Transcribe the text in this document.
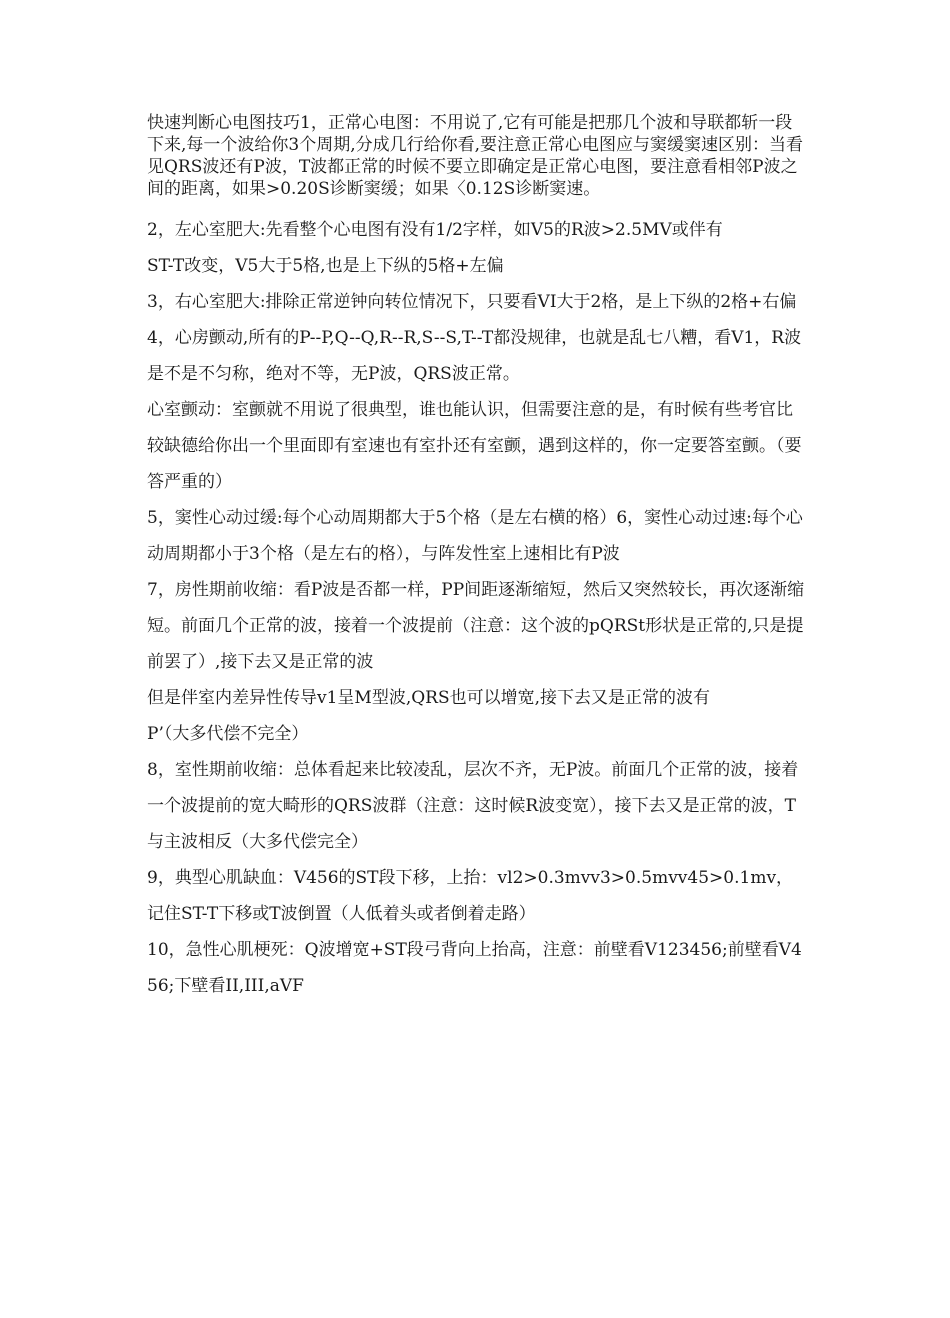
快速判断心电图技巧1，正常心电图：不用说了,它有可能是把那几个波和导联都斩一段下来,每一个波给你3个周期,分成几行给你看,要注意正常心电图应与窦缓窦速区别：当看见QRS波还有P波，T波都正常的时候不要立即确定是正常心电图，要注意看相邻P波之间的距离，如果>0.20S诊断窦缓；如果〈0.12S诊断窦速。

2，左心室肥大:先看整个心电图有没有1/2字样，如V5的R波>2.5MV或伴有
ST-T改变，V5大于5格,也是上下纵的5格+左偏

3，右心室肥大:排除正常逆钟向转位情况下，只要看VI大于2格，是上下纵的2格+右偏

4，心房颤动,所有的P--P,Q--Q,R--R,S--S,T--T都没规律，也就是乱七八糟，看V1，R波是不是不匀称，绝对不等，无P波，QRS波正常。

心室颤动：室颤就不用说了很典型，谁也能认识，但需要注意的是，有时候有些考官比较缺德给你出一个里面即有室速也有室扑还有室颤，遇到这样的，你一定要答室颤。（要答严重的）

5，窦性心动过缓:每个心动周期都大于5个格（是左右横的格）6，窦性心动过速:每个心动周期都小于3个格（是左右的格），与阵发性室上速相比有P波

7，房性期前收缩：看P波是否都一样，PP间距逐渐缩短，然后又突然较长，再次逐渐缩短。前面几个正常的波，接着一个波提前（注意：这个波的pQRSt形状是正常的,只是提前罢了）,接下去又是正常的波

但是伴室内差异性传导v1呈M型波,QRS也可以增宽,接下去又是正常的波有
P’（大多代偿不完全）

8，室性期前收缩：总体看起来比较凌乱，层次不齐，无P波。前面几个正常的波，接着一个波提前的宽大畸形的QRS波群（注意：这时候R波变宽），接下去又是正常的波，T与主波相反（大多代偿完全）

9，典型心肌缺血：V456的ST段下移，上抬：vl2>0.3mvv3>0.5mvv45>0.1mv，记住ST-T下移或T波倒置（人低着头或者倒着走路）

10，急性心肌梗死：Q波增宽+ST段弓背向上抬高，注意：前壁看V123456;前壁看V456;下壁看II,III,aVF
